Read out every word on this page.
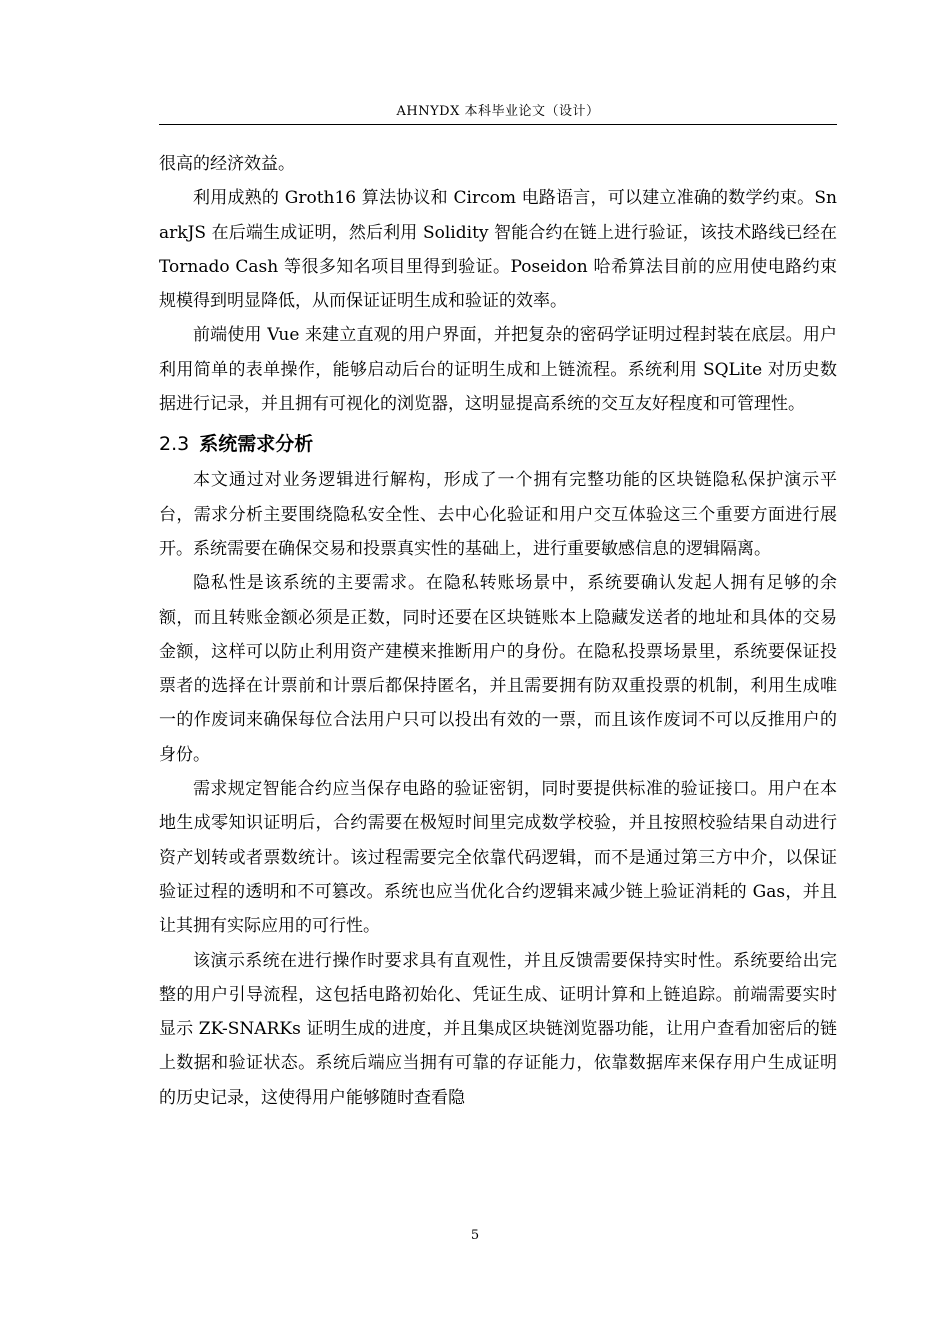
AHNYDX 本科毕业论文（设计）

很高的经济效益。

利用成熟的 Groth16 算法协议和 Circom 电路语言，可以建立准确的数学约束。SnarkJS 在后端生成证明，然后利用 Solidity 智能合约在链上进行验证，该技术路线已经在 Tornado Cash 等很多知名项目里得到验证。Poseidon 哈希算法目前的应用使电路约束规模得到明显降低，从而保证证明生成和验证的效率。

前端使用 Vue 来建立直观的用户界面，并把复杂的密码学证明过程封装在底层。用户利用简单的表单操作，能够启动后台的证明生成和上链流程。系统利用 SQLite 对历史数据进行记录，并且拥有可视化的浏览器，这明显提高系统的交互友好程度和可管理性。

2.3 系统需求分析

本文通过对业务逻辑进行解构，形成了一个拥有完整功能的区块链隐私保护演示平台，需求分析主要围绕隐私安全性、去中心化验证和用户交互体验这三个重要方面进行展开。系统需要在确保交易和投票真实性的基础上，进行重要敏感信息的逻辑隔离。

隐私性是该系统的主要需求。在隐私转账场景中，系统要确认发起人拥有足够的余额，而且转账金额必须是正数，同时还要在区块链账本上隐藏发送者的地址和具体的交易金额，这样可以防止利用资产建模来推断用户的身份。在隐私投票场景里，系统要保证投票者的选择在计票前和计票后都保持匿名，并且需要拥有防双重投票的机制，利用生成唯一的作废词来确保每位合法用户只可以投出有效的一票，而且该作废词不可以反推用户的身份。

需求规定智能合约应当保存电路的验证密钥，同时要提供标准的验证接口。用户在本地生成零知识证明后，合约需要在极短时间里完成数学校验，并且按照校验结果自动进行资产划转或者票数统计。该过程需要完全依靠代码逻辑，而不是通过第三方中介，以保证验证过程的透明和不可篡改。系统也应当优化合约逻辑来减少链上验证消耗的 Gas，并且让其拥有实际应用的可行性。

该演示系统在进行操作时要求具有直观性，并且反馈需要保持实时性。系统要给出完整的用户引导流程，这包括电路初始化、凭证生成、证明计算和上链追踪。前端需要实时显示 ZK-SNARKs 证明生成的进度，并且集成区块链浏览器功能，让用户查看加密后的链上数据和验证状态。系统后端应当拥有可靠的存证能力，依靠数据库来保存用户生成证明的历史记录，这使得用户能够随时查看隐

5
